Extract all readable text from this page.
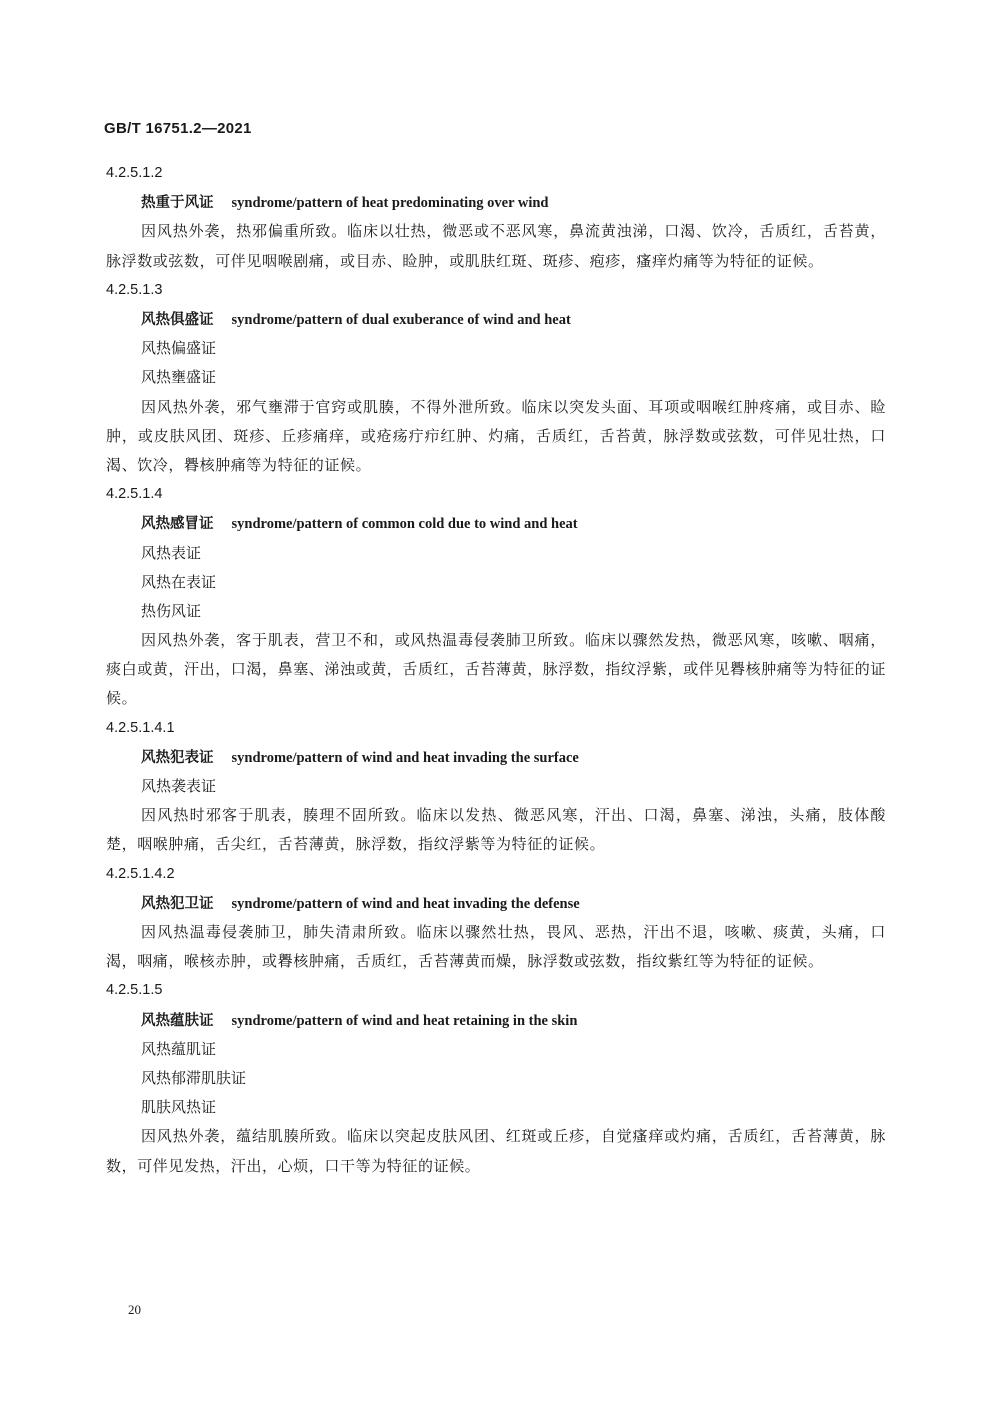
GB/T 16751.2—2021
4.2.5.1.2
热重于风证 syndrome/pattern of heat predominating over wind
因风热外袭，热邪偏重所致。临床以壮热，微恶或不恶风寒，鼻流黄浊涕，口渴、饮冷，舌质红，舌苔黄，脉浮数或弦数，可伴见咽喉剧痛，或目赤、睑肿，或肌肤红斑、斑疹、疱疹，瘙痒灼痛等为特征的证候。
4.2.5.1.3
风热俱盛证 syndrome/pattern of dual exuberance of wind and heat
风热偏盛证
风热壅盛证
因风热外袭，邪气壅滞于官窍或肌腠，不得外泄所致。临床以突发头面、耳项或咽喉红肿疼痛，或目赤、睑肿，或皮肤风团、斑疹、丘疹痛痒，或疮疡疔疖红肿、灼痛，舌质红，舌苔黄，脉浮数或弦数，可伴见壮热，口渴、饮冷，臖核肿痛等为特征的证候。
4.2.5.1.4
风热感冒证 syndrome/pattern of common cold due to wind and heat
风热表证
风热在表证
热伤风证
因风热外袭，客于肌表，营卫不和，或风热温毒侵袭肺卫所致。临床以骤然发热，微恶风寒，咳嗽、咽痛，痰白或黄，汗出，口渴，鼻塞、涕浊或黄，舌质红，舌苔薄黄，脉浮数，指纹浮紫，或伴见臖核肿痛等为特征的证候。
4.2.5.1.4.1
风热犯表证 syndrome/pattern of wind and heat invading the surface
风热袭表证
因风热时邪客于肌表，腠理不固所致。临床以发热、微恶风寒，汗出、口渴，鼻塞、涕浊，头痛，肢体酸楚，咽喉肿痛，舌尖红，舌苔薄黄，脉浮数，指纹浮紫等为特征的证候。
4.2.5.1.4.2
风热犯卫证 syndrome/pattern of wind and heat invading the defense
因风热温毒侵袭肺卫，肺失清肃所致。临床以骤然壮热，畏风、恶热，汗出不退，咳嗽、痰黄，头痛，口渴，咽痛，喉核赤肿，或臖核肿痛，舌质红，舌苔薄黄而燥，脉浮数或弦数，指纹紫红等为特征的证候。
4.2.5.1.5
风热蕴肤证 syndrome/pattern of wind and heat retaining in the skin
风热蕴肌证
风热郁滞肌肤证
肌肤风热证
因风热外袭，蕴结肌腠所致。临床以突起皮肤风团、红斑或丘疹，自觉瘙痒或灼痛，舌质红，舌苔薄黄，脉数，可伴见发热，汗出，心烦，口干等为特征的证候。
20
